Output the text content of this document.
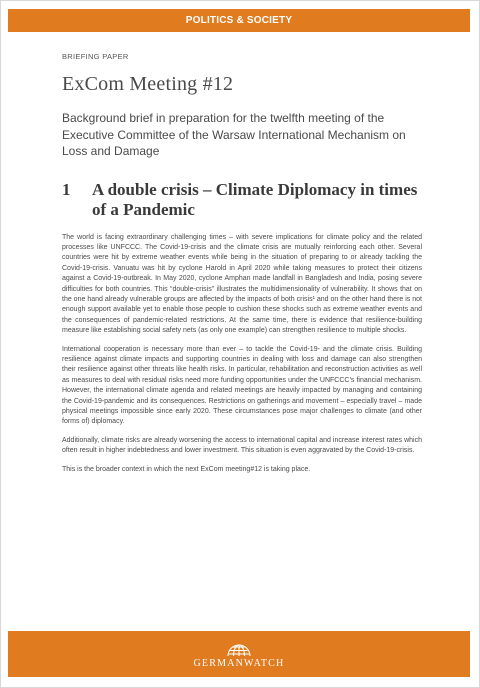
POLITICS & SOCIETY

BRIEFING PAPER

ExCom Meeting #12
Background brief in preparation for the twelfth meeting of the Executive Committee of the Warsaw International Mechanism on Loss and Damage
1	A double crisis – Climate Diplomacy in times of a Pandemic

The world is facing extraordinary challenging times – with severe implications for climate policy and the related processes like UNFCCC. The Covid-19-crisis and the climate crisis are mutually reinforcing each other. Several countries were hit by extreme weather events while being in the situation of preparing to or already tackling the Covid-19-crisis. Vanuatu was hit by cyclone Harold in April 2020 while taking measures to protect their citizens against a Covid-19-outbreak. In May 2020, cyclone Amphan made landfall in Bangladesh and India, posing severe difficulties for both countries. This “double-crisis” illustrates the multidimensionality of vulnerability. It shows that on the one hand already vulnerable groups are affected by the impacts of both crisis¹ and on the other hand there is not enough support available yet to enable those people to cushion these shocks such as extreme weather events and the consequences of pandemic-related restrictions. At the same time, there is evidence that resilience-building measure like establishing social safety nets (as only one example) can strengthen resilience to multiple shocks.

International cooperation is necessary more than ever – to tackle the Covid-19- and the climate crisis. Building resilience against climate impacts and supporting countries in dealing with loss and damage can also strengthen their resilience against other threats like health risks. In particular, rehabilitation and reconstruction activities as well as measures to deal with residual risks need more funding opportunities under the UNFCCC’s financial mechanism. However, the international climate agenda and related meetings are heavily impacted by managing and containing the Covid-19-pandemic and its consequences. Restrictions on gatherings and movement – especially travel – made physical meetings impossible since early 2020. These circumstances pose major challenges to climate (and other forms of) diplomacy.

Additionally, climate risks are already worsening the access to international capital and increase interest rates which often result in higher indebtedness and lower investment. This situation is even aggravated by the Covid-19-crisis.

This is the broader context in which the next ExCom meeting#12 is taking place.

GERMANWATCH
